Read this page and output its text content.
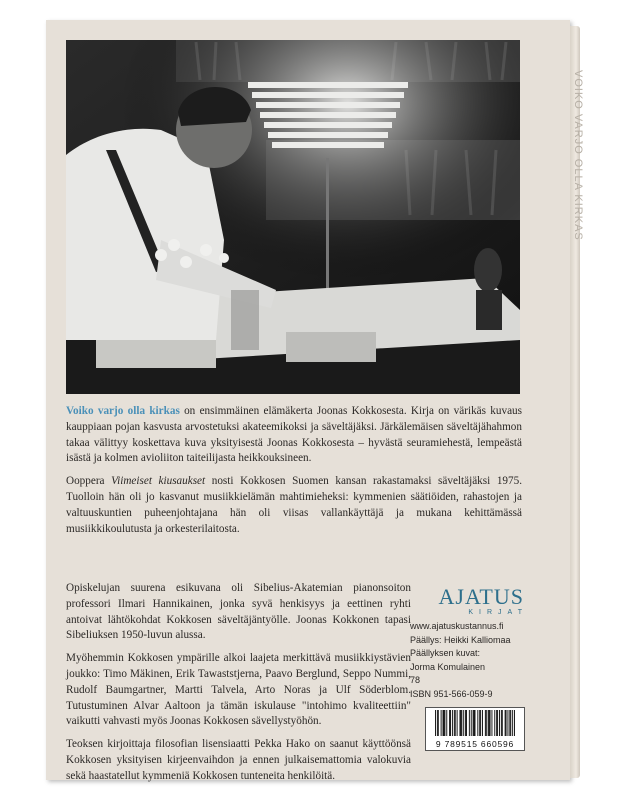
VOIKO VARJO OLLA KIRKAS

Voiko varjo olla kirkas on ensimmäinen elämäkerta Joonas Kokkosesta. Kirja on värikäs kuvaus kauppiaan pojan kasvusta arvostetuksi akateemikoksi ja säveltäjäksi. Järkälemäisen säveltäjähahmon takaa välittyy koskettava kuva yksityisestä Joonas Kokkosesta – hyvästä seuramiehestä, lempeästä isästä ja kolmen avioliiton taiteilijasta heikkouksineen.

Ooppera Viimeiset kiusaukset nosti Kokkosen Suomen kansan rakastamaksi säveltäjäksi 1975. Tuolloin hän oli jo kasvanut musiikkielämän mahtimieheksi: kymmenien säätiöiden, rahastojen ja valtuuskuntien puheenjohtajana hän oli viisas vallankäyttäjä ja mukana kehittämässä musiikkikoulutusta ja orkesterilaitosta.

Opiskelujan suurena esikuvana oli Sibelius-Akatemian pianonsoiton professori Ilmari Hannikainen, jonka syvä henkisyys ja eettinen ryhti antoivat lähtökohdat Kokkosen säveltäjäntyölle. Joonas Kokkonen tapasi Sibeliuksen 1950-luvun alussa.

Myöhemmin Kokkosen ympärille alkoi laajeta merkittävä musiikkiystävien joukko: Timo Mäkinen, Erik Tawaststjerna, Paavo Berglund, Seppo Nummi, Rudolf Baumgartner, Martti Talvela, Arto Noras ja Ulf Söderblom. Tutustuminen Alvar Aaltoon ja tämän iskulause "intohimo kvaliteettiin" vaikutti vahvasti myös Joonas Kokkosen sävellystyöhön.

Teoksen kirjoittaja filosofian lisensiaatti Pekka Hako on saanut käyttöönsä Kokkosen yksityisen kirjeenvaihdon ja ennen julkaisemattomia valokuvia sekä haastatellut kymmeniä Kokkosen tunteneita henkilöitä.

AJATUS
KIRJAT
www.ajatuskustannus.fi
Päällys: Heikki Kalliomaa
Päällyksen kuvat:
Jorma Komulainen
78
ISBN 951-566-059-9
9 789515 660596
